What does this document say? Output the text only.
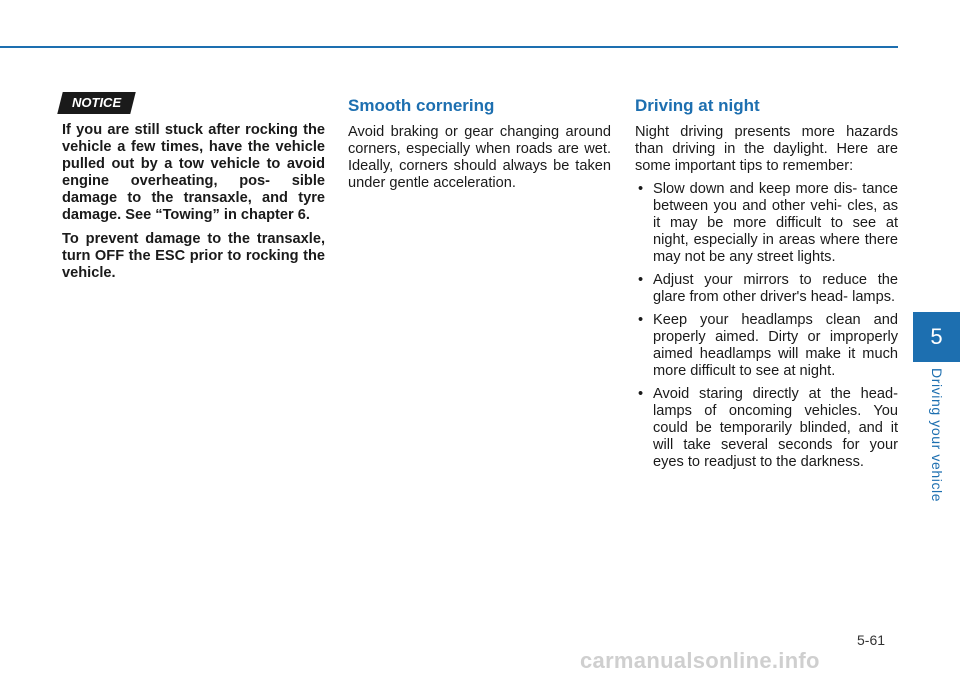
5
Driving your vehicle
NOTICE

If you are still stuck after rocking the vehicle a few times, have the vehicle pulled out by a tow vehicle to avoid engine overheating, pos- sible damage to the transaxle, and tyre damage. See “Towing” in chapter 6.

To prevent damage to the transaxle, turn OFF the ESC prior to rocking the vehicle.

Smooth cornering

Avoid braking or gear changing around corners, especially when roads are wet. Ideally, corners should always be taken under gentle acceleration.

Driving at night

Night driving presents more hazards than driving in the daylight. Here are some important tips to remember:

• Slow down and keep more dis- tance between you and other vehi- cles, as it may be more difficult to see at night, especially in areas where there may not be any street lights.
• Adjust your mirrors to reduce the glare from other driver's head- lamps.
• Keep your headlamps clean and properly aimed. Dirty or improperly aimed headlamps will make it much more difficult to see at night.
• Avoid staring directly at the head- lamps of oncoming vehicles. You could be temporarily blinded, and it will take several seconds for your eyes to readjust to the darkness.
5-61
carmanualsonline.info
